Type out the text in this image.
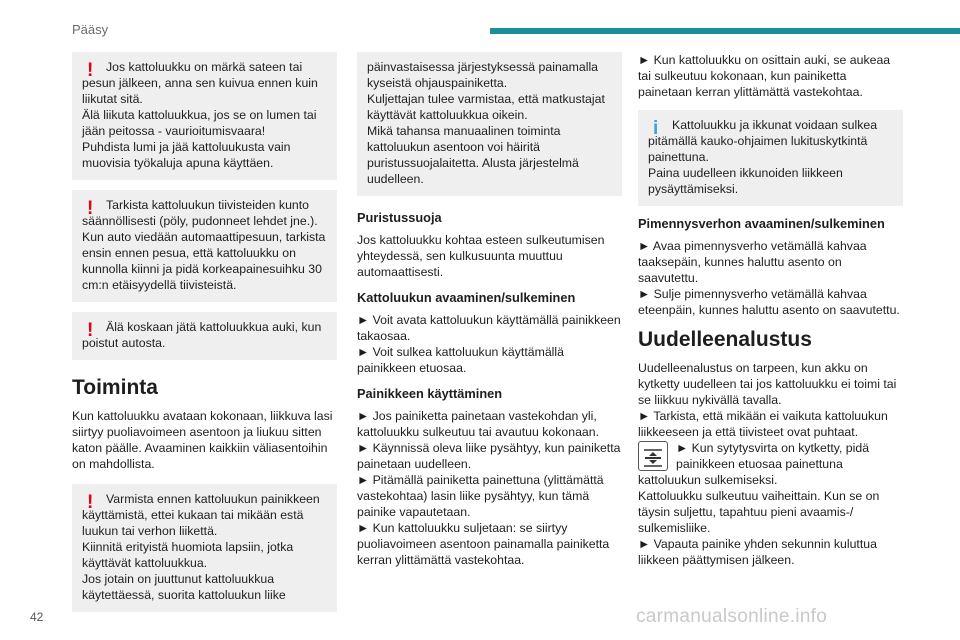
Pääsy
!	Jos kattoluukku on märkä sateen tai pesun jälkeen, anna sen kuivua ennen kuin liikutat sitä.
Älä liikuta kattoluukkua, jos se on lumen tai jään peitossa - vaurioitumisvaara!
Puhdista lumi ja jää kattoluukusta vain muovisia työkaluja apuna käyttäen.
!	Tarkista kattoluukun tiivisteiden kunto säännöllisesti (pöly, pudonneet lehdet jne.).
Kun auto viedään automaattipesuun, tarkista ensin ennen pesua, että kattoluukku on kunnolla kiinni ja pidä korkeapainesuihku 30 cm:n etäisyydellä tiivisteistä.
!	Älä koskaan jätä kattoluukkua auki, kun poistut autosta.
Toiminta

Kun kattoluukku avataan kokonaan, liikkuva lasi siirtyy puoliavoimeen asentoon ja liukuu sitten katon päälle. Avaaminen kaikkiin väliasentoihin on mahdollista.

!	Varmista ennen kattoluukun painikkeen käyttämistä, ettei kukaan tai mikään estä luukun tai verhon liikettä.
Kiinnitä erityistä huomiota lapsiin, jotka käyttävät kattoluukkua.
Jos jotain on juuttunut kattoluukkua käytettäessä, suorita kattoluukun liike
päinvastaisessa järjestyksessä painamalla kyseistä ohjauspainiketta.
Kuljettajan tulee varmistaa, että matkustajat käyttävät kattoluukkua oikein.
Mikä tahansa manuaalinen toiminta kattoluukun asentoon voi häiritä puristussuojalaitetta. Alusta järjestelmä uudelleen.
Puristussuoja

Jos kattoluukku kohtaa esteen sulkeutumisen yhteydessä, sen kulkusuunta muuttuu automaattisesti.

Kattoluukun avaaminen/sulkeminen

► Voit avata kattoluukun käyttämällä painikkeen takaosaa.
► Voit sulkea kattoluukun käyttämällä painikkeen etuosaa.

Painikkeen käyttäminen

► Jos painiketta painetaan vastekohdan yli, kattoluukku sulkeutuu tai avautuu kokonaan.
► Käynnissä oleva liike pysähtyy, kun painiketta painetaan uudelleen.
► Pitämällä painiketta painettuna (ylittämättä vastekohtaa) lasin liike pysähtyy, kun tämä painike vapautetaan.
► Kun kattoluukku suljetaan: se siirtyy puoliavoimeen asentoon painamalla painiketta kerran ylittämättä vastekohtaa.

► Kun kattoluukku on osittain auki, se aukeaa tai sulkeutuu kokonaan, kun painiketta painetaan kerran ylittämättä vastekohtaa.

i	Kattoluukku ja ikkunat voidaan sulkea pitämällä kauko-ohjaimen lukituskytkintä painettuna.
Paina uudelleen ikkunoiden liikkeen pysäyttämiseksi.
Pimennysverhon avaaminen/sulkeminen

► Avaa pimennysverho vetämällä kahvaa taaksepäin, kunnes haluttu asento on saavutettu.
► Sulje pimennysverho vetämällä kahvaa eteenpäin, kunnes haluttu asento on saavutettu.

Uudelleenalustus

Uudelleenalustus on tarpeen, kun akku on kytketty uudelleen tai jos kattoluukku ei toimi tai se liikkuu nykivällä tavalla.
► Tarkista, että mikään ei vaikuta kattoluukun liikkeeseen ja että tiivisteet ovat puhtaat.

► Kun sytytysvirta on kytketty, pidä painikkeen etuosaa painettuna

kattoluukun sulkemiseksi.
Kattoluukku sulkeutuu vaiheittain. Kun se on täysin suljettu, tapahtuu pieni avaamis-/ sulkemisliike.
► Vapauta painike yhden sekunnin kuluttua liikkeen päättymisen jälkeen.

42	carmanualsonline.info
